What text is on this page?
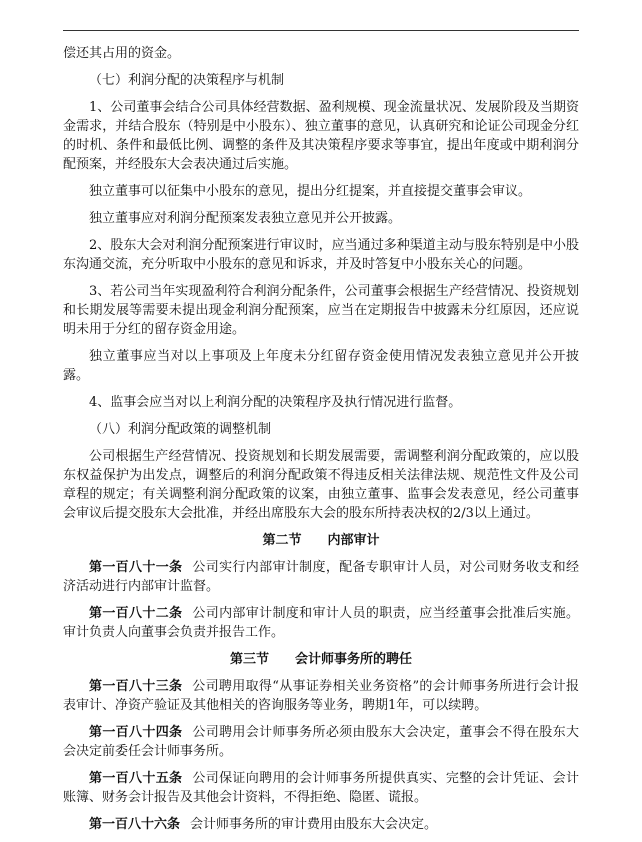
偿还其占用的资金。

（七）利润分配的决策程序与机制

1、公司董事会结合公司具体经营数据、盈利规模、现金流量状况、发展阶段及当期资金需求，并结合股东（特别是中小股东）、独立董事的意见，认真研究和论证公司现金分红的时机、条件和最低比例、调整的条件及其决策程序要求等事宜，提出年度或中期利润分配预案，并经股东大会表决通过后实施。

独立董事可以征集中小股东的意见，提出分红提案，并直接提交董事会审议。

独立董事应对利润分配预案发表独立意见并公开披露。

2、股东大会对利润分配预案进行审议时，应当通过多种渠道主动与股东特别是中小股东沟通交流，充分听取中小股东的意见和诉求，并及时答复中小股东关心的问题。

3、若公司当年实现盈利符合利润分配条件，公司董事会根据生产经营情况、投资规划和长期发展等需要未提出现金利润分配预案，应当在定期报告中披露未分红原因，还应说明未用于分红的留存资金用途。

独立董事应当对以上事项及上年度未分红留存资金使用情况发表独立意见并公开披露。

4、监事会应当对以上利润分配的决策程序及执行情况进行监督。

（八）利润分配政策的调整机制

公司根据生产经营情况、投资规划和长期发展需要，需调整利润分配政策的，应以股东权益保护为出发点，调整后的利润分配政策不得违反相关法律法规、规范性文件及公司章程的规定；有关调整利润分配政策的议案，由独立董事、监事会发表意见，经公司董事会审议后提交股东大会批准，并经出席股东大会的股东所持表决权的2/3以上通过。

第二节 内部审计

第一百八十一条 公司实行内部审计制度，配备专职审计人员，对公司财务收支和经济活动进行内部审计监督。

第一百八十二条 公司内部审计制度和审计人员的职责，应当经董事会批准后实施。审计负责人向董事会负责并报告工作。

第三节 会计师事务所的聘任

第一百八十三条 公司聘用取得“从事证券相关业务资格”的会计师事务所进行会计报表审计、净资产验证及其他相关的咨询服务等业务，聘期1年，可以续聘。

第一百八十四条 公司聘用会计师事务所必须由股东大会决定，董事会不得在股东大会决定前委任会计师事务所。

第一百八十五条 公司保证向聘用的会计师事务所提供真实、完整的会计凭证、会计账簿、财务会计报告及其他会计资料，不得拒绝、隐匿、谎报。

第一百八十六条 会计师事务所的审计费用由股东大会决定。
